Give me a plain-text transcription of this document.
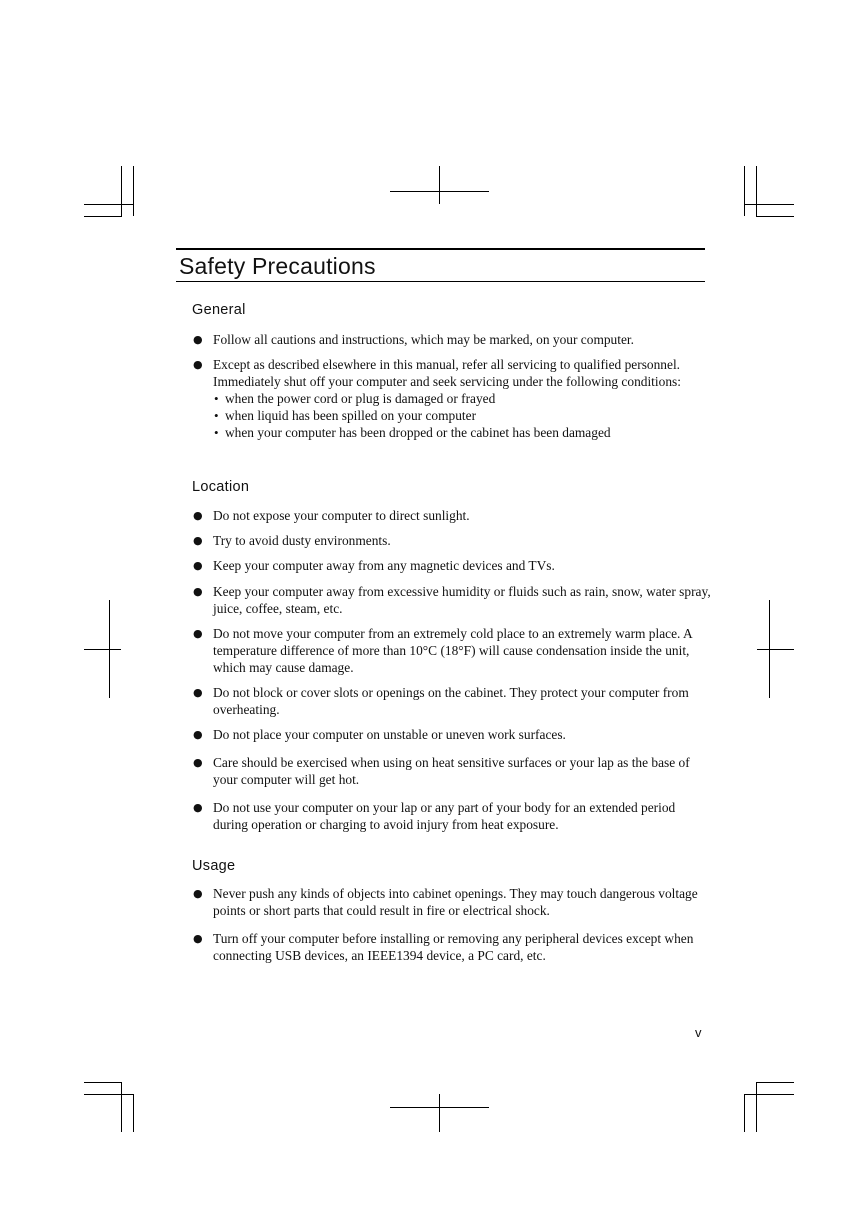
Safety Precautions
General
● Follow all cautions and instructions, which may be marked, on your computer.
● Except as described elsewhere in this manual, refer all servicing to qualified personnel. Immediately shut off your computer and seek servicing under the following conditions:
• when the power cord or plug is damaged or frayed
• when liquid has been spilled on your computer
• when your computer has been dropped or the cabinet has been damaged
Location
● Do not expose your computer to direct sunlight.
● Try to avoid dusty environments.
● Keep your computer away from any magnetic devices and TVs.
● Keep your computer away from excessive humidity or fluids such as rain, snow, water spray, juice, coffee, steam, etc.
● Do not move your computer from an extremely cold place to an extremely warm place. A temperature difference of more than 10°C (18°F) will cause condensation inside the unit, which may cause damage.
● Do not block or cover slots or openings on the cabinet. They protect your computer from overheating.
● Do not place your computer on unstable or uneven work surfaces.
● Care should be exercised when using on heat sensitive surfaces or your lap as the base of your computer will get hot.
● Do not use your computer on your lap or any part of your body for an extended period during operation or charging to avoid injury from heat exposure.
Usage
● Never push any kinds of objects into cabinet openings. They may touch dangerous voltage points or short parts that could result in fire or electrical shock.
● Turn off your computer before installing or removing any peripheral devices except when connecting USB devices, an IEEE1394 device, a PC card, etc.
v
